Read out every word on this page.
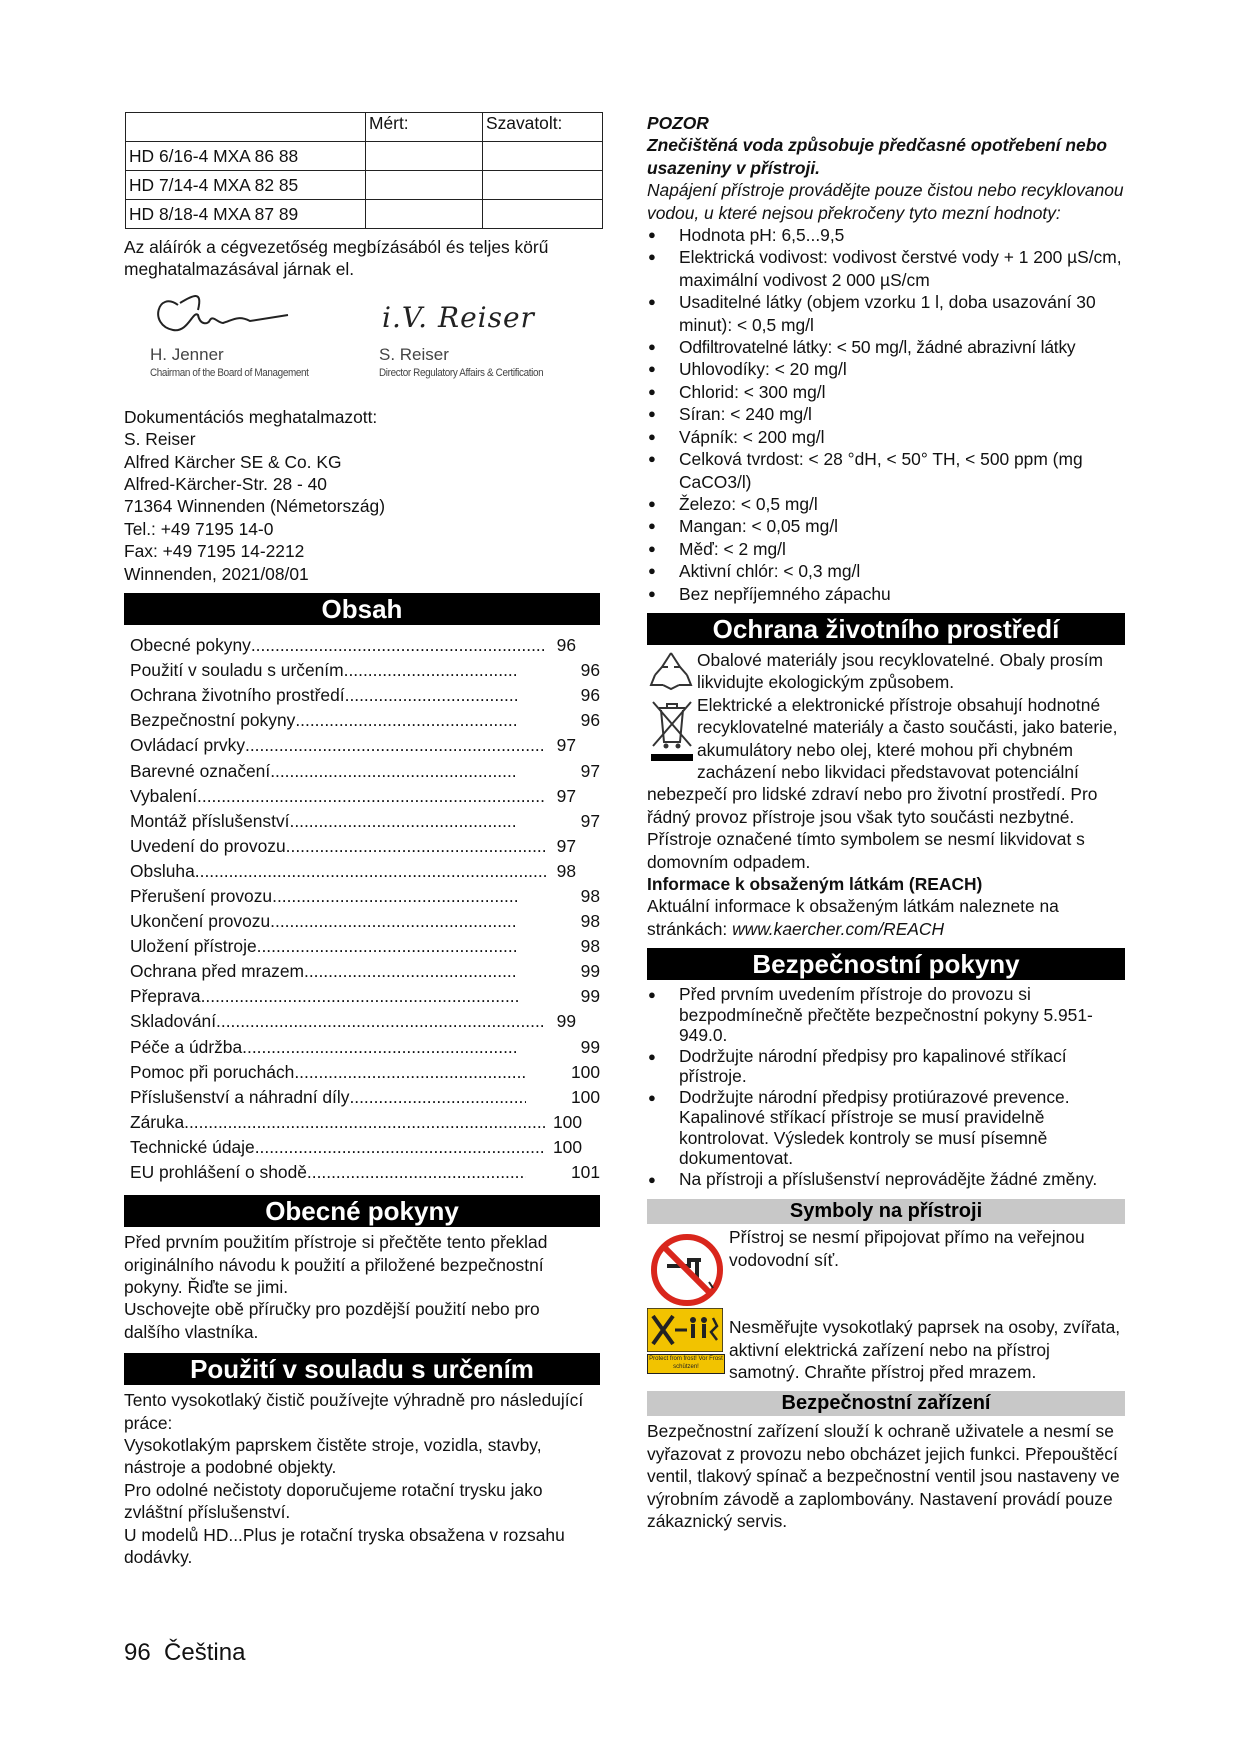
	Mért:	Szavatolt:
HD 6/16-4 MXA 86 88		
HD 7/14-4 MXA 82 85		
HD 8/18-4 MXA 87 89		

Az aláírók a cégvezetőség megbízásából és teljes körű meghatalmazásával járnak el.

H. Jenner
Chairman of the Board of Management
i.V. Reiser
S. Reiser
Director Regulatory Affairs & Certification

Dokumentációs meghatalmazott:

S. Reiser

Alfred Kärcher SE & Co. KG

Alfred-Kärcher-Str. 28 - 40

71364 Winnenden (Németország)

Tel.: +49 7195 14-0

Fax: +49 7195 14-2212

Winnenden, 2021/08/01

Obsah
Obecné pokyny .....	96
Použití v souladu s určením .....	96
Ochrana životního prostředí .....	96
Bezpečnostní pokyny .....	96
Ovládací prvky .....	97
Barevné označení .....	97
Vybalení .....	97
Montáž příslušenství .....	97
Uvedení do provozu .....	97
Obsluha .....	98
Přerušení provozu .....	98
Ukončení provozu .....	98
Uložení přístroje .....	98
Ochrana před mrazem .....	99
Přeprava .....	99
Skladování .....	99
Péče a údržba .....	99
Pomoc při poruchách .....	100
Příslušenství a náhradní díly .....	100
Záruka .....	100
Technické údaje .....	100
EU prohlášení o shodě .....	101
Obecné pokyny

Před prvním použitím přístroje si přečtěte tento překlad originálního návodu k použití a přiložené bezpečnostní pokyny. Řiďte se jimi.

Uschovejte obě příručky pro pozdější použití nebo pro dalšího vlastníka.

Použití v souladu s určením

Tento vysokotlaký čistič používejte výhradně pro následující práce:

Vysokotlakým paprskem čistěte stroje, vozidla, stavby, nástroje a podobné objekty.

Pro odolné nečistoty doporučujeme rotační trysku jako zvláštní příslušenství.

U modelů HD...Plus je rotační tryska obsažena v rozsahu dodávky.

POZOR

Znečištěná voda způsobuje předčasné opotřebení nebo usazeniny v přístroji.

Napájení přístroje provádějte pouze čistou nebo recyklovanou vodou, u které nejsou překročeny tyto mezní hodnoty:

●	Hodnota pH: 6,5...9,5
●	Elektrická vodivost: vodivost čerstvé vody + 1 200 µS/cm, maximální vodivost 2 000 µS/cm
●	Usaditelné látky (objem vzorku 1 l, doba usazování 30 minut): < 0,5 mg/l
●	Odfiltrovatelné látky: < 50 mg/l, žádné abrazivní látky
●	Uhlovodíky: < 20 mg/l
●	Chlorid: < 300 mg/l
●	Síran: < 240 mg/l
●	Vápník: < 200 mg/l
●	Celková tvrdost: < 28 °dH, < 50° TH, < 500 ppm (mg CaCO3/l)
●	Železo: < 0,5 mg/l
●	Mangan: < 0,05 mg/l
●	Měď: < 2 mg/l
●	Aktivní chlór: < 0,3 mg/l
●	Bez nepříjemného zápachu
Ochrana životního prostředí

Obalové materiály jsou recyklovatelné. Obaly prosím likvidujte ekologickým způsobem.

Elektrické a elektronické přístroje obsahují hodnotné recyklovatelné materiály a často součásti, jako baterie, akumulátory nebo olej, které mohou při chybném zacházení nebo likvidaci představovat potenciální nebezpečí pro lidské zdraví nebo pro životní prostředí. Pro řádný provoz přístroje jsou však tyto součásti nezbytné. Přístroje označené tímto symbolem se nesmí likvidovat s domovním odpadem.

Informace k obsaženým látkám (REACH)

Aktuální informace k obsaženým látkám naleznete na stránkách: www.kaercher.com/REACH

Bezpečnostní pokyny
●	Před prvním uvedením přístroje do provozu si bezpodmínečně přečtěte bezpečnostní pokyny 5.951-949.0.
●	Dodržujte národní předpisy pro kapalinové stříkací přístroje.
●	Dodržujte národní předpisy protiúrazové prevence. Kapalinové stříkací přístroje se musí pravidelně kontrolovat. Výsledek kontroly se musí písemně dokumentovat.
●	Na přístroji a příslušenství neprovádějte žádné změny.
Symboly na přístroji

Přístroj se nesmí připojovat přímo na veřejnou vodovodní síť.

Protect from frost! Vor Frost schützen!

Nesměřujte vysokotlaký paprsek na osoby, zvířata, aktivní elektrická zařízení nebo na přístroj samotný. Chraňte přístroj před mrazem.

Bezpečnostní zařízení

Bezpečnostní zařízení slouží k ochraně uživatele a nesmí se vyřazovat z provozu nebo obcházet jejich funkci. Přepouštěcí ventil, tlakový spínač a bezpečnostní ventil jsou nastaveny ve výrobním závodě a zaplombovány. Nastavení provádí pouze zákaznický servis.

96 Čeština
